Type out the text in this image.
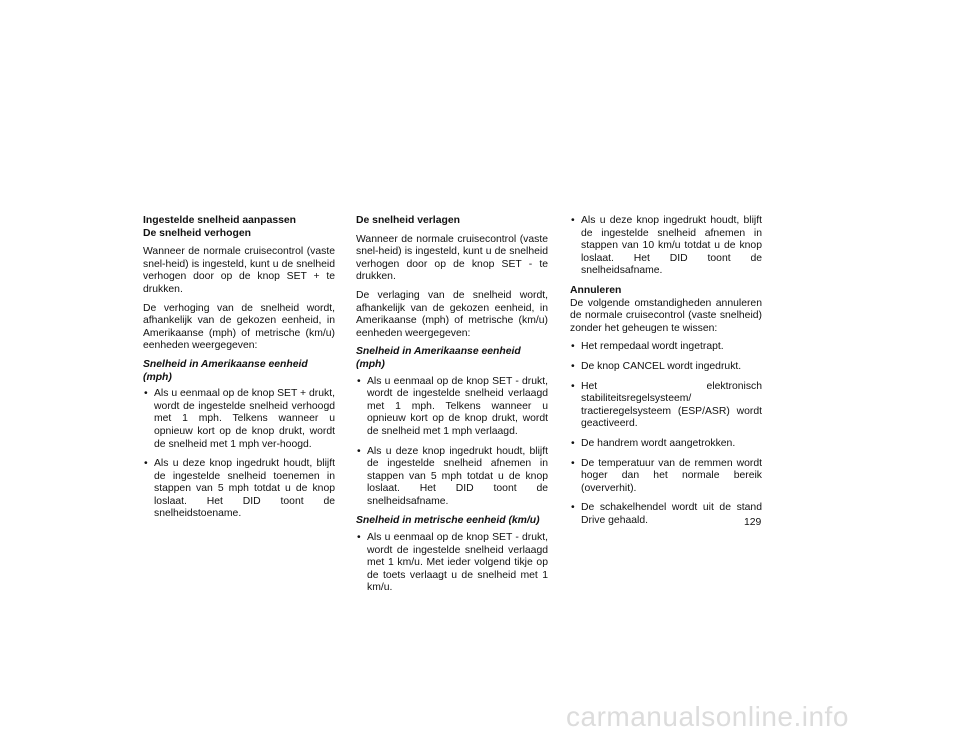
Ingestelde snelheid aanpassen
De snelheid verhogen

Wanneer de normale cruisecontrol (vaste snel-heid) is ingesteld, kunt u de snelheid verhogen door op de knop SET + te drukken.

De verhoging van de snelheid wordt, afhankelijk van de gekozen eenheid, in Amerikaanse (mph) of metrische (km/u) eenheden weergegeven:

Snelheid in Amerikaanse eenheid (mph)
• Als u eenmaal op de knop SET + drukt, wordt de ingestelde snelheid verhoogd met 1 mph. Telkens wanneer u opnieuw kort op de knop drukt, wordt de snelheid met 1 mph ver-hoogd.
• Als u deze knop ingedrukt houdt, blijft de ingestelde snelheid toenemen in stappen van 5 mph totdat u de knop loslaat. Het DID toont de snelheidstoename.
De snelheid verlagen

Wanneer de normale cruisecontrol (vaste snel-heid) is ingesteld, kunt u de snelheid verhogen door op de knop SET - te drukken.

De verlaging van de snelheid wordt, afhankelijk van de gekozen eenheid, in Amerikaanse (mph) of metrische (km/u) eenheden weergegeven:

Snelheid in Amerikaanse eenheid (mph)
• Als u eenmaal op de knop SET - drukt, wordt de ingestelde snelheid verlaagd met 1 mph. Telkens wanneer u opnieuw kort op de knop drukt, wordt de snelheid met 1 mph verlaagd.
• Als u deze knop ingedrukt houdt, blijft de ingestelde snelheid afnemen in stappen van 5 mph totdat u de knop loslaat. Het DID toont de snelheidsafname.
Snelheid in metrische eenheid (km/u)
• Als u eenmaal op de knop SET - drukt, wordt de ingestelde snelheid verlaagd met 1 km/u. Met ieder volgend tikje op de toets verlaagt u de snelheid met 1 km/u.
• Als u deze knop ingedrukt houdt, blijft de ingestelde snelheid afnemen in stappen van 10 km/u totdat u de knop loslaat. Het DID toont de snelheidsafname.
Annuleren

De volgende omstandigheden annuleren de normale cruisecontrol (vaste snelheid) zonder het geheugen te wissen:

• Het rempedaal wordt ingetrapt.
• De knop CANCEL wordt ingedrukt.
• Het elektronisch stabiliteitsregelsysteem/ tractieregelsysteem (ESP/ASR) wordt geactiveerd.
• De handrem wordt aangetrokken.
• De temperatuur van de remmen wordt hoger dan het normale bereik (oververhit).
• De schakelhendel wordt uit de stand Drive gehaald.	129
carmanualsonline.info
